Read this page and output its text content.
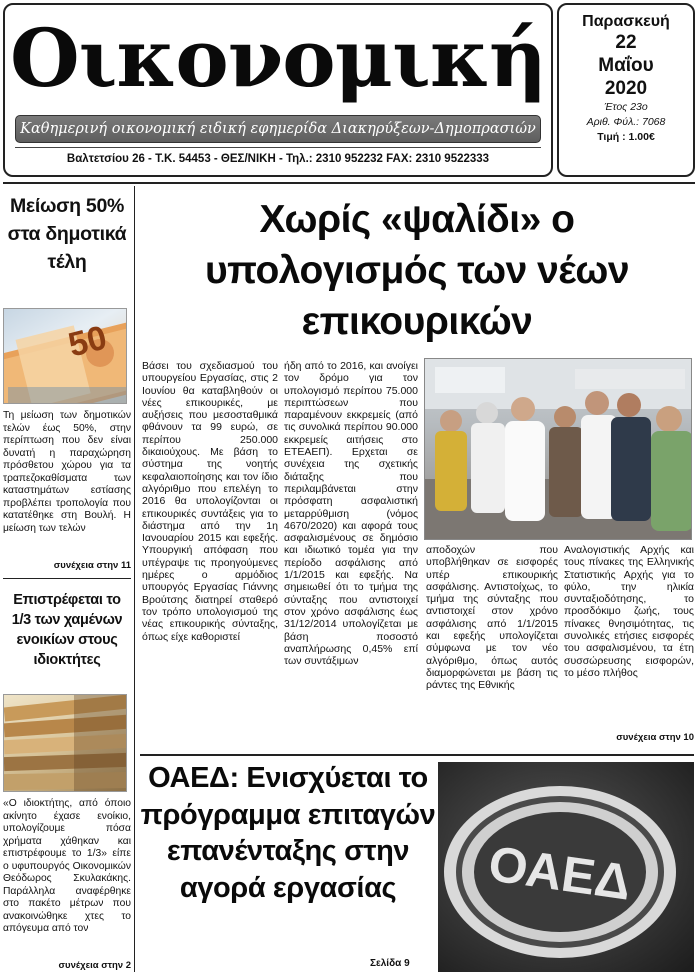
Οικονομική
Καθημερινή οικονομική ειδική εφημερίδα Διακηρύξεων-Δημοπρασιών
Βαλτετσίου 26 - Τ.Κ. 54453 - ΘΕΣ/ΝΙΚΗ - Τηλ.: 2310 952232 FAX: 2310 9522333
Παρασκευή
22
Μαΐου
2020
Έτος 23ο
Αριθ. Φύλ.: 7068
Τιμή : 1.00€
Μείωση 50% στα δημοτικά τέλη
50
Τη μείωση των δημοτικών τελών έως 50%, στην περίπτωση που δεν είναι δυνατή η παραχώρηση πρόσθετου χώρου για τα τραπεζοκαθίσματα των καταστημάτων εστίασης προβλέπει τροπολογία που κατατέθηκε στη Βουλή. Η μείωση των τελών
συνέχεια στην 11
Επιστρέφεται το 1/3 των χαμένων ενοικίων στους ιδιοκτήτες
«Ο ιδιοκτήτης, από όποιο ακίνητο έχασε ενοίκιο, υπολογίζουμε πόσα χρήματα χάθηκαν και επιστρέφουμε το 1/3» είπε ο υφυπουργός Οικονομικών Θεόδωρος Σκυλακάκης. Παράλληλα αναφέρθηκε στο πακέτο μέτρων που ανακοινώθηκε χτες το απόγευμα από τον
συνέχεια στην 2
Χωρίς «ψαλίδι» ο υπολογισμός των νέων επικουρικών
Βάσει του σχεδιασμού του υπουργείου Εργασίας, στις 2 Ιουνίου θα καταβληθούν οι νέες επικουρικές, με αυξήσεις που μεσοσταθμικά φθάνουν τα 99 ευρώ, σε περίπου 250.000 δικαιούχους. Με βάση το σύστημα της νοητής κεφαλαιοποίησης και τον ίδιο αλγόριθμο που επελέγη το 2016 θα υπολογίζονται οι επικουρικές συντάξεις για το διάστημα από την 1η Ιανουαρίου 2015 και εφεξής. Υπουργική απόφαση που υπέγραψε τις προηγούμενες ημέρες ο αρμόδιος υπουργός Εργασίας Γιάννης Βρούτσης διατηρεί σταθερό τον τρόπο υπολογισμού της νέας επικουρικής σύνταξης, όπως είχε καθοριστεί
ήδη από το 2016, και ανοίγει τον δρόμο για τον υπολογισμό περίπου 75.000 περιπτώσεων που παραμένουν εκκρεμείς (από τις συνολικά περίπου 90.000 εκκρεμείς αιτήσεις στο ΕΤΕΑΕΠ). Ερχεται σε συνέχεια της σχετικής διάταξης που περιλαμβάνεται στην πρόσφατη ασφαλιστική μεταρρύθμιση (νόμος 4670/2020) και αφορά τους ασφαλισμένους σε δημόσιο και ιδιωτικό τομέα για την περίοδο ασφάλισης από 1/1/2015 και εφεξής. Να σημειωθεί ότι το τμήμα της σύνταξης που αντιστοιχεί στον χρόνο ασφάλισης έως 31/12/2014 υπολογίζεται με βάση ποσοστό αναπλήρωσης 0,45% επί των συντάξιμων
αποδοχών που υποβλήθηκαν σε εισφορές υπέρ επικουρικής ασφάλισης. Αντιστοίχως, το τμήμα της σύνταξης που αντιστοιχεί στον χρόνο ασφάλισης από 1/1/2015 και εφεξής υπολογίζεται σύμφωνα με τον νέο αλγόριθμο, όπως αυτός διαμορφώνεται με βάση τις ράντες της Εθνικής
Αναλογιστικής Αρχής και τους πίνακες της Ελληνικής Στατιστικής Αρχής για το φύλο, την ηλικία συνταξιοδότησης, το προσδόκιμο ζωής, τους πίνακες θνησιμότητας, τις συνολικές ετήσιες εισφορές του ασφαλισμένου, τα έτη συσσώρευσης εισφορών, το μέσο πλήθος
συνέχεια στην 10
ΟΑΕΔ: Ενισχύεται το πρόγραμμα επιταγών επανένταξης στην αγορά εργασίας
Σελίδα 9
ΟΑΕΔ
